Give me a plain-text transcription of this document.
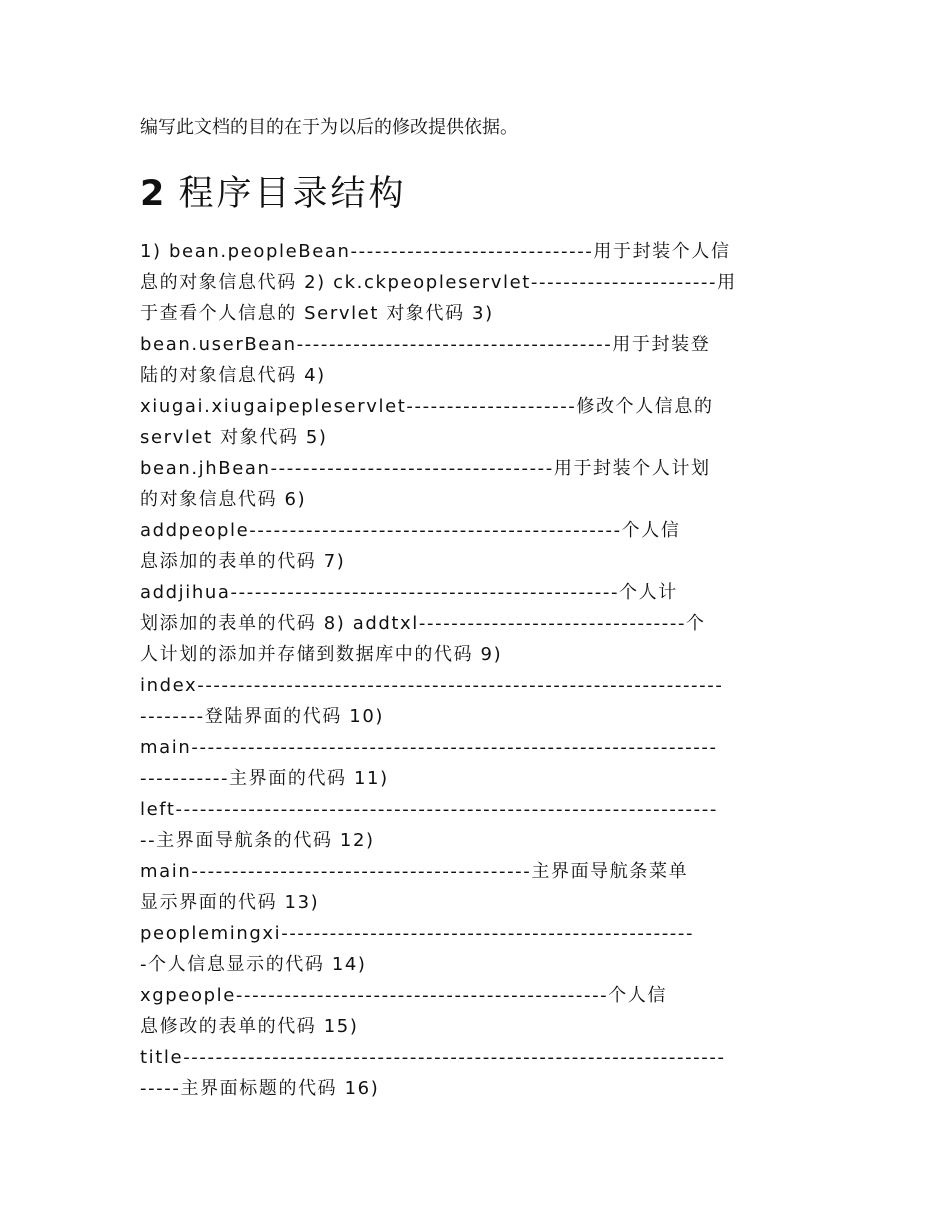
编写此文档的目的在于为以后的修改提供依据。
2 程序目录结构
1) bean.peopleBean------------------------------用于封装个人信
息的对象信息代码 2) ck.ckpeopleservlet-----------------------用
于查看个人信息的 Servlet 对象代码 3)
bean.userBean---------------------------------------用于封装登
陆的对象信息代码 4)
xiugai.xiugaipepleservlet---------------------修改个人信息的
servlet 对象代码 5)
bean.jhBean-----------------------------------用于封装个人计划
的对象信息代码 6)
addpeople----------------------------------------------个人信
息添加的表单的代码 7)
addjihua------------------------------------------------个人计
划添加的表单的代码 8) addtxl---------------------------------个
人计划的添加并存储到数据库中的代码 9)
index-----------------------------------------------------------------
--------登陆界面的代码 10)
main-----------------------------------------------------------------
-----------主界面的代码 11)
left-------------------------------------------------------------------
--主界面导航条的代码 12)
main------------------------------------------主界面导航条菜单
显示界面的代码 13)
peoplemingxi---------------------------------------------------
-个人信息显示的代码 14)
xgpeople----------------------------------------------个人信
息修改的表单的代码 15)
title-------------------------------------------------------------------
-----主界面标题的代码 16)
